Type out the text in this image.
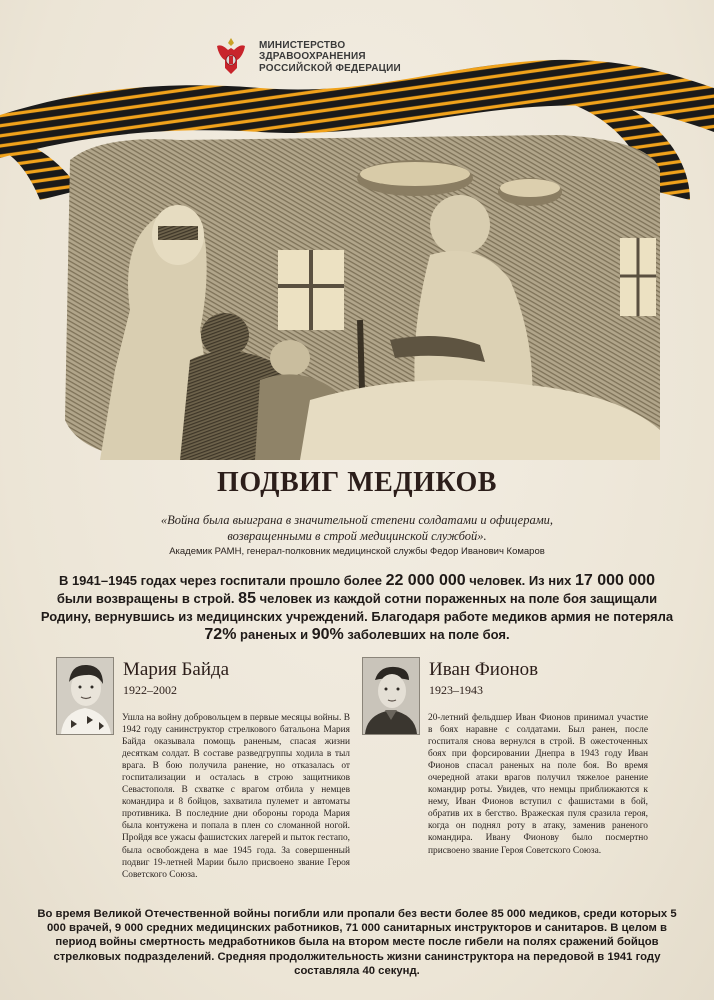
МИНИСТЕРСТВО
ЗДРАВООХРАНЕНИЯ
РОССИЙСКОЙ ФЕДЕРАЦИИ
ПОДВИГ МЕДИКОВ
«Война была выиграна в значительной степени солдатами и офицерами,
возвращенными в строй медицинской службой».
Академик РАМН, генерал-полковник медицинской службы Федор Иванович Комаров
В 1941–1945 годах через госпитали прошло более 22 000 000 человек. Из них 17 000 000 были возвращены в строй. 85 человек из каждой сотни пораженных на поле боя защищали Родину, вернувшись из медицинских учреждений. Благодаря работе медиков армия не потеряла 72% раненых и 90% заболевших на поле боя.
Мария Байда
1922–2002
Ушла на войну добровольцем в первые месяцы войны. В 1942 году санинструктор стрелкового батальона Мария Байда оказывала помощь раненым, спасая жизни десяткам солдат. В составе разведгруппы ходила в тыл врага. В бою получила ранение, но отказалась от госпитализации и осталась в строю защитников Севастополя. В схватке с врагом отбила у немцев командира и 8 бойцов, захватила пулемет и автоматы противника. В последние дни обороны города Мария была контужена и попала в плен со сломанной ногой. Пройдя все ужасы фашистских лагерей и пыток гестапо, была освобождена в мае 1945 года. За совершенный подвиг 19-летней Марии было присвоено звание Героя Советского Союза.
Иван Фионов
1923–1943
20-летний фельдшер Иван Фионов принимал участие в боях наравне с солдатами. Был ранен, после госпиталя снова вернулся в строй. В ожесточенных боях при форсировании Днепра в 1943 году Иван Фионов спасал раненых на поле боя. Во время очередной атаки врагов получил тяжелое ранение командир роты. Увидев, что немцы приближаются к нему, Иван Фионов вступил с фашистами в бой, обратив их в бегство. Вражеская пуля сразила героя, когда он поднял роту в атаку, заменив раненого командира. Ивану Фионову было посмертно присвоено звание Героя Советского Союза.
Во время Великой Отечественной войны погибли или пропали без вести более 85 000 медиков, среди которых 5 000 врачей, 9 000 средних медицинских работников, 71 000 санитарных инструкторов и санитаров. В целом в период войны смертность медработников была на втором месте после гибели на полях сражений бойцов стрелковых подразделений. Средняя продолжительность жизни санинструктора на передовой в 1941 году составляла 40 секунд.
